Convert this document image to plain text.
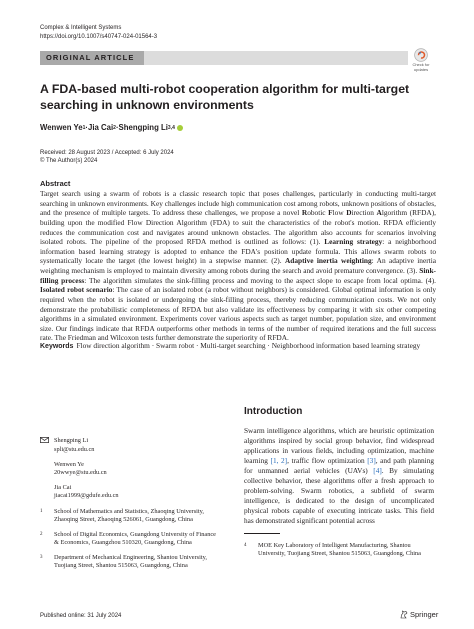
Complex & Intelligent Systems
https://doi.org/10.1007/s40747-024-01564-3
ORIGINAL ARTICLE
Check for updates
A FDA-based multi-robot cooperation algorithm for multi-target searching in unknown environments
Wenwen Ye 1 · Jia Cai 2 · Shengping Li 3,4
Received: 28 August 2023 / Accepted: 6 July 2024
© The Author(s) 2024
Abstract

Target search using a swarm of robots is a classic research topic that poses challenges, particularly in conducting multi-target searching in unknown environments. Key challenges include high communication cost among robots, unknown positions of obstacles, and the presence of multiple targets. To address these challenges, we propose a novel Robotic Flow Direction Algorithm (RFDA), building upon the modified Flow Direction Algorithm (FDA) to suit the characteristics of the robot's motion. RFDA efficiently reduces the communication cost and navigates around unknown obstacles. The algorithm also accounts for scenarios involving isolated robots. The pipeline of the proposed RFDA method is outlined as follows: (1). Learning strategy: a neighborhood information based learning strategy is adopted to enhance the FDA's position update formula. This allows swarm robots to systematically locate the target (the lowest height) in a stepwise manner. (2). Adaptive inertia weighting: An adaptive inertia weighting mechanism is employed to maintain diversity among robots during the search and avoid premature convergence. (3). Sink-filling process: The algorithm simulates the sink-filling process and moving to the aspect slope to escape from local optima. (4). Isolated robot scenario: The case of an isolated robot (a robot without neighbors) is considered. Global optimal information is only required when the robot is isolated or undergoing the sink-filling process, thereby reducing communication costs. We not only demonstrate the probabilistic completeness of RFDA but also validate its effectiveness by comparing it with six other competing algorithms in a simulated environment. Experiments cover various aspects such as target number, population size, and environment size. Our findings indicate that RFDA outperforms other methods in terms of the number of required iterations and the full success rate. The Friedman and Wilcoxon tests further demonstrate the superiority of RFDA.

Keywords Flow direction algorithm · Swarm robot · Multi-target searching · Neighborhood information based learning strategy
Introduction

Swarm intelligence algorithms, which are heuristic optimization algorithms inspired by social group behavior, find widespread applications in various fields, including optimization, machine learning [1, 2], traffic flow optimization [3], and path planning for unmanned aerial vehicles (UAVs) [4]. By simulating collective behavior, these algorithms offer a fresh approach to problem-solving. Swarm robotics, a subfield of swarm intelligence, is dedicated to the design of uncomplicated physical robots capable of executing intricate tasks. This field has demonstrated significant potential across

Shengping Li
spli@stu.edu.cn
Wenwen Ye
20wwye@stu.edu.cn
Jia Cai
jiacai1999@gdufe.edu.cn
1	School of Mathematics and Statistics, Zhaoqing University, Zhaoqing Street, Zhaoqing 526061, Guangdong, China
2	School of Digital Economics, Guangdong University of Finance & Economics, Guangzhou 510320, Guangdong, China
3	Department of Mechanical Engineering, Shantou University, Tuojiang Street, Shantou 515063, Guangdong, China
4	MOE Key Laboratory of Intelligent Manufacturing, Shantou University, Tuojiang Street, Shantou 515063, Guangdong, China
Published online: 31 July 2024	Springer
